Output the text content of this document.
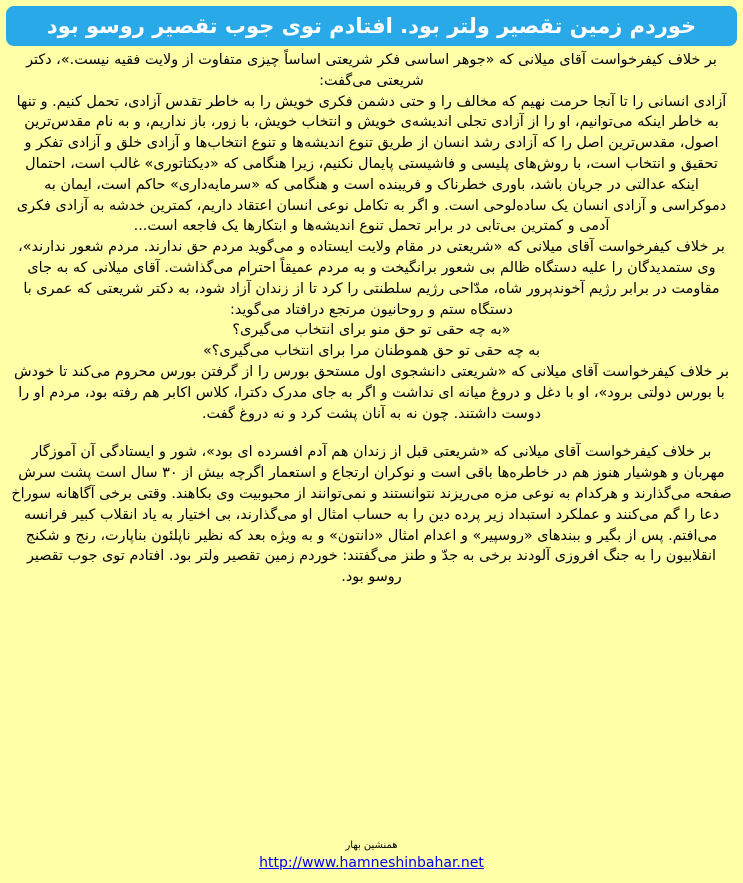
خوردم زمین تقصیر ولتر بود. افتادم توی جوب تقصیر روسو بود

بر خلاف کیفرخواست آقای میلانی که «جوهر اساسی فکر شریعتی اساساً چیزی متفاوت از ولایت فقیه نیست.»، دکتر شریعتی می‌گفت:

آزادی انسانی را تا آنجا حرمت نهیم که مخالف را و حتی دشمن فکری خویش را به خاطر تقدس آزادی، تحمل کنیم. و تنها به خاطر اینکه می‌توانیم، او را از آزادی تجلی اندیشه‌ی خویش و انتخاب خویش، با زور، باز نداریم، و به نام مقدس‌ترین اصول، مقدس‌ترین اصل را که آزادی رشد انسان از طریق تنوع اندیشه‌ها و تنوع انتخاب‌ها و آزادی خلق و آزادی تفکر و تحقیق و انتخاب است، با روش‌های پلیسی و فاشیستی پایمال نکنیم، زیرا هنگامی که «دیکتاتوری» غالب است، احتمال اینکه عدالتی در جریان باشد، باوری خطرناک و فریبنده است و هنگامی که «سرمایه‌داری» حاکم است، ایمان به دموکراسی و آزادی انسان یک ساده‌لوحی است. و اگر به تکامل نوعی انسان اعتقاد داریم، کمترین خدشه به آزادی فکری آدمی و کمترین بی‌تابی در برابر تحمل تنوع اندیشه‌ها و ابتکارها یک فاجعه است...

بر خلاف کیفرخواست آقای میلانی که «شریعتی در مقام ولایت ایستاده و می‌گوید مردم حق ندارند. مردم شعور ندارند»، وی ستمدیدگان را علیه دستگاه ظالم بی شعور برانگیخت و به مردم عمیقاً احترام می‌گذاشت. آقای میلانی که به جای مقاومت در برابر رژیم آخوندپرور شاه، مدّاحی رژیم سلطنتی را کرد تا از زندان آزاد شود، به دکتر شریعتی که عمری با دستگاه ستم و روحانیون مرتجع درافتاد می‌گوید:

«به چه حقی تو حق منو برای انتخاب می‌گیری؟

به چه حقی تو حق هموطنان مرا برای انتخاب می‌گیری؟»

بر خلاف کیفرخواست آقای میلانی که «شریعتی دانشجوی اول مستحق بورس را از گرفتن بورس محروم می‌کند تا خودش با بورس دولتی برود»، او با دغل و دروغ میانه ای نداشت و اگر به جای مدرک دکترا، کلاس اکابر هم رفته بود، مردم او را دوست داشتند. چون نه به آنان پشت کرد و نه دروغ گفت.

بر خلاف کیفرخواست آقای میلانی که «شریعتی قبل از زندان هم آدم افسرده ای بود»، شور و ایستادگی آن آموزگار مهربان و هوشیار هنوز هم در خاطره‌ها باقی است و نوکران ارتجاع و استعمار اگرچه بیش از ۳۰ سال است پشت سرش صفحه می‌گذارند و هرکدام به نوعی مزه می‌ریزند نتوانستند و نمی‌توانند از محبوبیت وی بکاهند. وقتی برخی آگاهانه سوراخ دعا را گم می‌کنند و عملکرد استبداد زیر پرده دین را به حساب امثال او می‌گذارند، بی اختیار به یاد انقلاب کبیر فرانسه می‌افتم. پس از بگیر و ببندهای «روسپیر» و اعدام امثال «دانتون» و به ویژه بعد که نظیر ناپلئون بناپارت، رنج و شکنج انقلابیون را به جنگ افروزی آلودند برخی به جدّ و طنز می‌گفتند: خوردم زمین تقصیر ولتر بود. افتادم توی جوب تقصیر روسو بود.

همنشین بهار
http://www.hamneshinbahar.net
